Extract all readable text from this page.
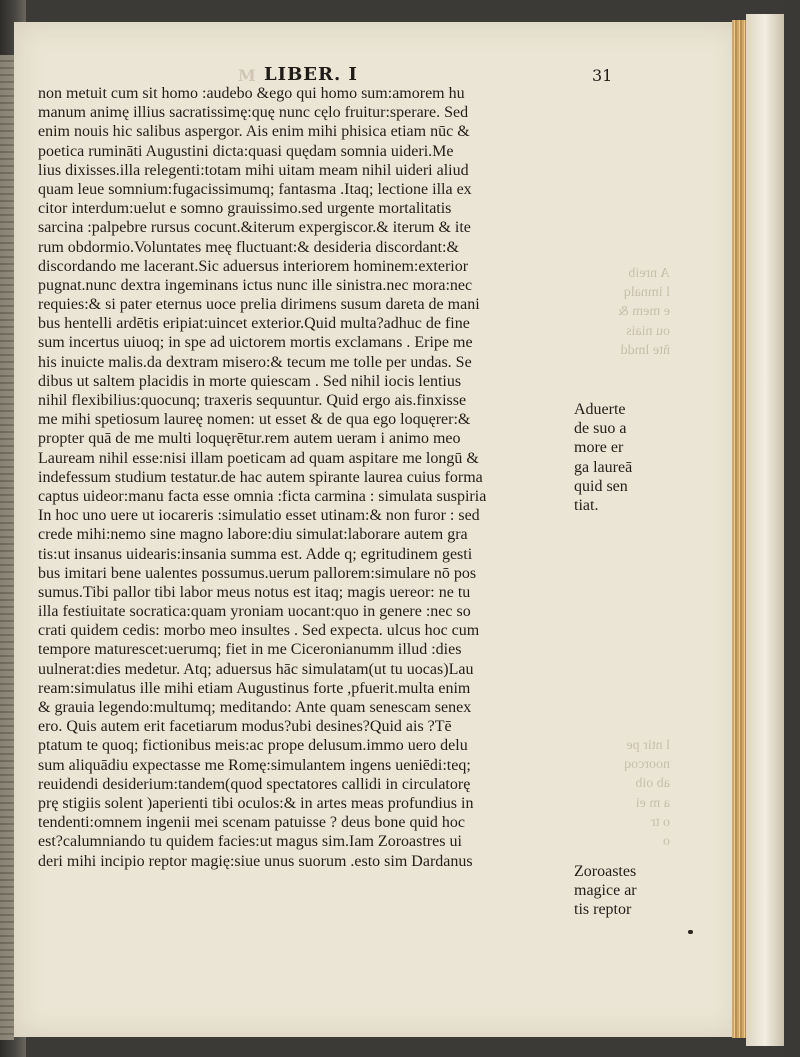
M LIBER. I	31
non metuit cum sit homo :audebo &ego qui homo sum:amorem hu
manum animę illius sacratissimę:quę nunc cęlo fruitur:sperare. Sed
enim nouis hic salibus aspergor. Ais enim mihi phisica etiam nūc &
poetica rumināti Augustini dicta:quasi quędam somnia uideri.Me
lius dixisses.illa relegenti:totam mihi uitam meam nihil uideri aliud
quam leue somnium:fugacissimumq; fantasma .Itaq; lectione illa ex
citor interdum:uelut e somno grauissimo.sed urgente mortalitatis
sarcina :palpebre rursus cocunt.&iterum expergiscor.& iterum & ite
rum obdormio.Voluntates meę fluctuant:& desideria discordant:&
discordando me lacerant.Sic aduersus interiorem hominem:exterior
pugnat.nunc dextra ingeminans ictus nunc ille sinistra.nec mora:nec
requies:& si pater eternus uoce prelia dirimens susum dareta de mani
bus hentelli ardētis eripiat:uincet exterior.Quid multa?adhuc de fine
sum incertus uiuoq; in spe ad uictorem mortis exclamans . Eripe me
his inuicte malis.da dextram misero:& tecum me tolle per undas. Se
dibus ut saltem placidis in morte quiescam . Sed nihil iocis lentius
nihil flexibilius:quocunq; traxeris sequuntur. Quid ergo ais.finxisse
me mihi spetiosum laureę nomen: ut esset & de qua ego loquęrer:&
propter quā de me multi loquęrētur.rem autem ueram i animo meo
Lauream nihil esse:nisi illam poeticam ad quam aspitare me longū &
indefessum studium testatur.de hac autem spirante laurea cuius forma
captus uideor:manu facta esse omnia :ficta carmina : simulata suspiria
In hoc uno uere ut iocareris :simulatio esset utinam:& non furor : sed
crede mihi:nemo sine magno labore:diu simulat:laborare autem gra
tis:ut insanus uidearis:insania summa est. Adde q; egritudinem gesti
bus imitari bene ualentes possumus.uerum pallorem:simulare nō pos
sumus.Tibi pallor tibi labor meus notus est itaq; magis uereor: ne tu
illa festiuitate socratica:quam yroniam uocant:quo in genere :nec so
crati quidem cedis: morbo meo insultes . Sed expecta. ulcus hoc cum
tempore maturescet:uerumq; fiet in me Ciceronianumm illud :dies
uulnerat:dies medetur. Atq; aduersus hāc simulatam(ut tu uocas)Lau
ream:simulatus ille mihi etiam Augustinus forte ,pfuerit.multa enim
& grauia legendo:multumq; meditando: Ante quam senescam senex
ero. Quis autem erit facetiarum modus?ubi desines?Quid ais ?Tē
ptatum te quoq; fictionibus meis:ac prope delusum.immo uero delu
sum aliquādiu expectasse me Romę:simulantem ingens ueniēdi:teq;
reuidendi desiderium:tandem(quod spectatores callidi in circulatorę
prę stigiis solent )aperienti tibi oculos:& in artes meas profundius in
tendenti:omnem ingenii mei scenam patuisse ? deus bone quid hoc
est?calumniando tu quidem facies:ut magus sim.Iam Zoroastres ui
deri mihi incipio reptor magię:siue unus suorum .esto sim Dardanus
A nreib
l imnalq
e mem &
ou niais
ñte lmdd
l ntir pe
noorcoq
ab oib
a m ei
o tr
o
Aduerte
de suo a
more er
ga laureā
quid sen
tiat.
Zoroastes
magice ar
tis reptor
